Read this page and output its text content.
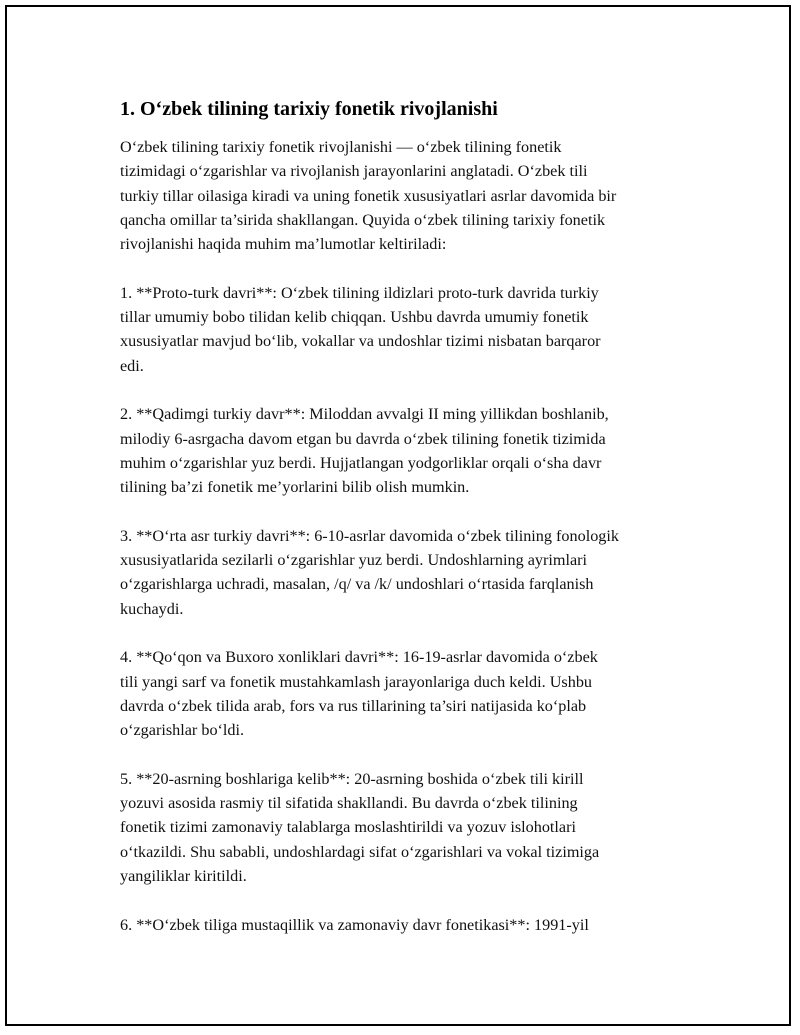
1. O‘zbek tilining tarixiy fonetik rivojlanishi

O‘zbek tilining tarixiy fonetik rivojlanishi — o‘zbek tilining fonetik
tizimidagi o‘zgarishlar va rivojlanish jarayonlarini anglatadi. O‘zbek tili
turkiy tillar oilasiga kiradi va uning fonetik xususiyatlari asrlar davomida bir
qancha omillar ta’sirida shakllangan. Quyida o‘zbek tilining tarixiy fonetik
rivojlanishi haqida muhim ma’lumotlar keltiriladi:

1. **Proto-turk davri**: O‘zbek tilining ildizlari proto-turk davrida turkiy
tillar umumiy bobo tilidan kelib chiqqan. Ushbu davrda umumiy fonetik
xususiyatlar mavjud bo‘lib, vokallar va undoshlar tizimi nisbatan barqaror
edi.

2. **Qadimgi turkiy davr**: Miloddan avvalgi II ming yillikdan boshlanib,
milodiy 6-asrgacha davom etgan bu davrda o‘zbek tilining fonetik tizimida
muhim o‘zgarishlar yuz berdi. Hujjatlangan yodgorliklar orqali o‘sha davr
tilining ba’zi fonetik me’yorlarini bilib olish mumkin.

3. **O‘rta asr turkiy davri**: 6-10-asrlar davomida o‘zbek tilining fonologik
xususiyatlarida sezilarli o‘zgarishlar yuz berdi. Undoshlarning ayrimlari
o‘zgarishlarga uchradi, masalan, /q/ va /k/ undoshlari o‘rtasida farqlanish
kuchaydi.

4. **Qo‘qon va Buxoro xonliklari davri**: 16-19-asrlar davomida o‘zbek
tili yangi sarf va fonetik mustahkamlash jarayonlariga duch keldi. Ushbu
davrda o‘zbek tilida arab, fors va rus tillarining ta’siri natijasida ko‘plab
o‘zgarishlar bo‘ldi.

5. **20-asrning boshlariga kelib**: 20-asrning boshida o‘zbek tili kirill
yozuvi asosida rasmiy til sifatida shakllandi. Bu davrda o‘zbek tilining
fonetik tizimi zamonaviy talablarga moslashtirildi va yozuv islohotlari
o‘tkazildi. Shu sababli, undoshlardagi sifat o‘zgarishlari va vokal tizimiga
yangiliklar kiritildi.

6. **O‘zbek tiliga mustaqillik va zamonaviy davr fonetikasi**: 1991-yil
